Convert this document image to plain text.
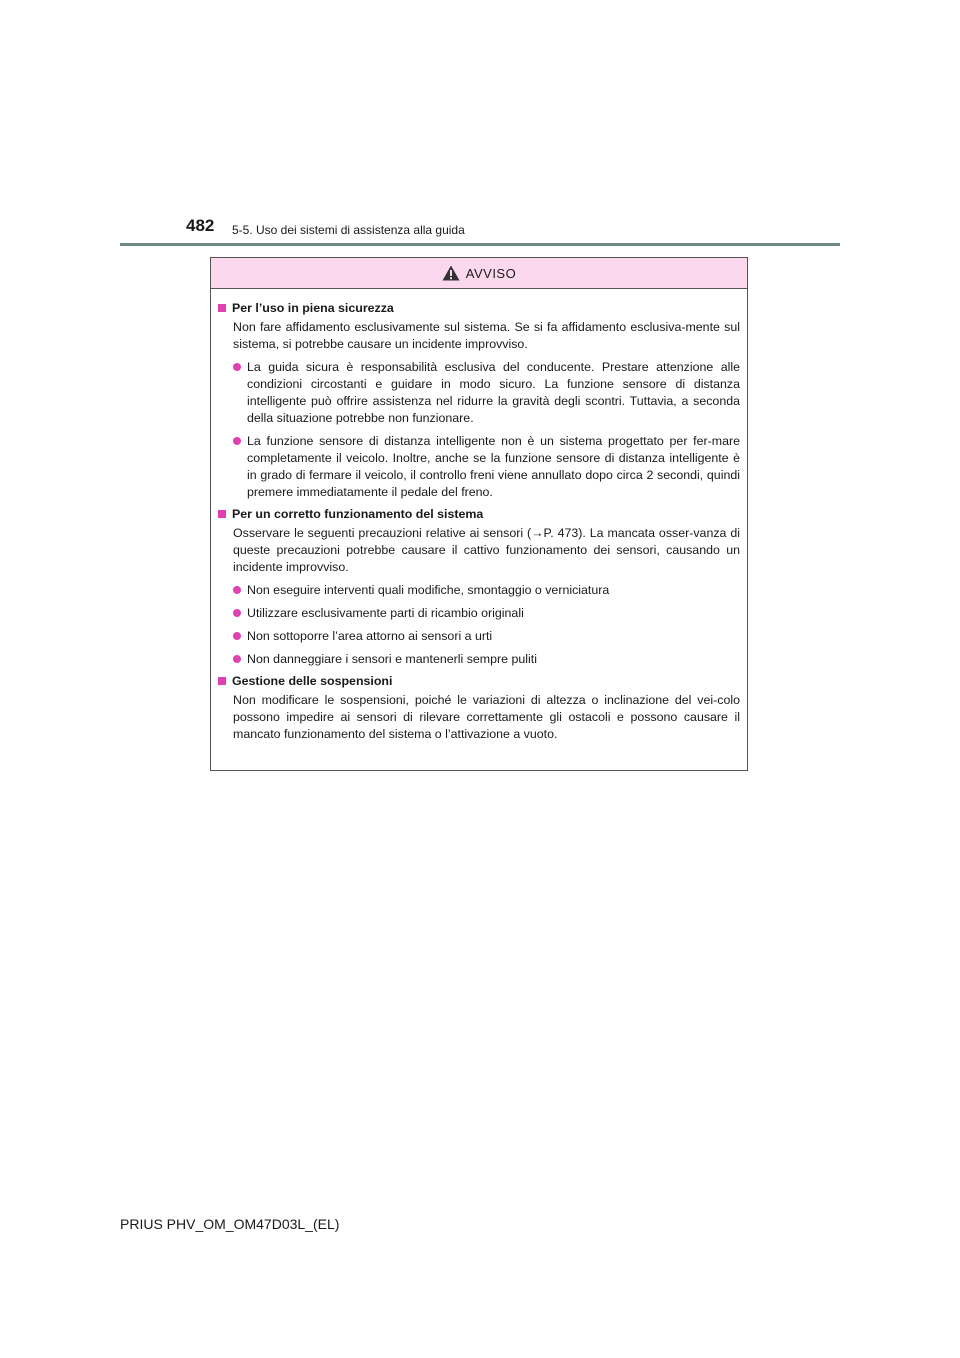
482 5-5. Uso dei sistemi di assistenza alla guida
AVVISO
Per l’uso in piena sicurezza
Non fare affidamento esclusivamente sul sistema. Se si fa affidamento esclusiva-mente sul sistema, si potrebbe causare un incidente improvviso.
La guida sicura è responsabilità esclusiva del conducente. Prestare attenzione alle condizioni circostanti e guidare in modo sicuro. La funzione sensore di distanza intelligente può offrire assistenza nel ridurre la gravità degli scontri. Tuttavia, a seconda della situazione potrebbe non funzionare.
La funzione sensore di distanza intelligente non è un sistema progettato per fer-mare completamente il veicolo. Inoltre, anche se la funzione sensore di distanza intelligente è in grado di fermare il veicolo, il controllo freni viene annullato dopo circa 2 secondi, quindi premere immediatamente il pedale del freno.
Per un corretto funzionamento del sistema
Osservare le seguenti precauzioni relative ai sensori (→P. 473). La mancata osser-vanza di queste precauzioni potrebbe causare il cattivo funzionamento dei sensori, causando un incidente improvviso.
Non eseguire interventi quali modifiche, smontaggio o verniciatura
Utilizzare esclusivamente parti di ricambio originali
Non sottoporre l’area attorno ai sensori a urti
Non danneggiare i sensori e mantenerli sempre puliti
Gestione delle sospensioni
Non modificare le sospensioni, poiché le variazioni di altezza o inclinazione del vei-colo possono impedire ai sensori di rilevare correttamente gli ostacoli e possono causare il mancato funzionamento del sistema o l’attivazione a vuoto.
PRIUS PHV_OM_OM47D03L_(EL)
